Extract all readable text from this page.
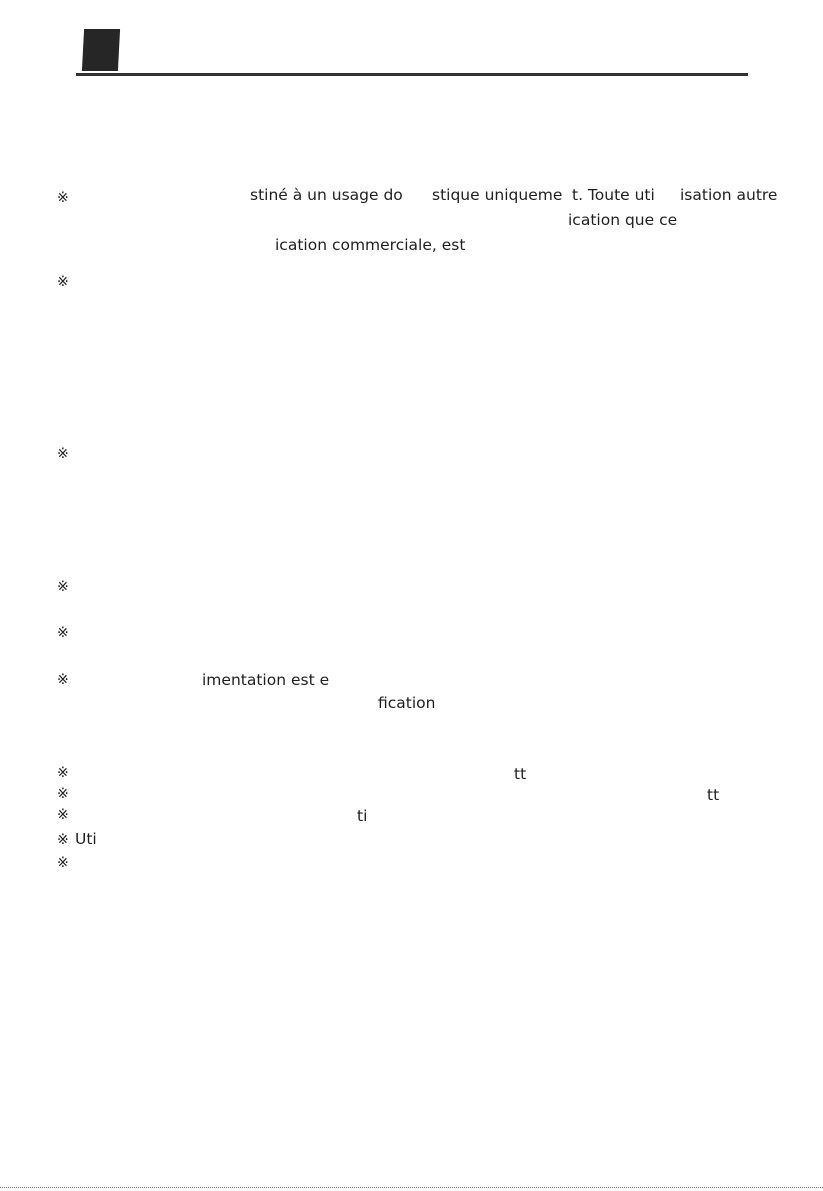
※
※
※
※
※
※
※
※
※
※
※
stiné à un usage do stique uniqueme t. Toute uti isation autre
ication que ce
ication commerciale, est
imentation est e
fication
tt
tt
ti
Uti
